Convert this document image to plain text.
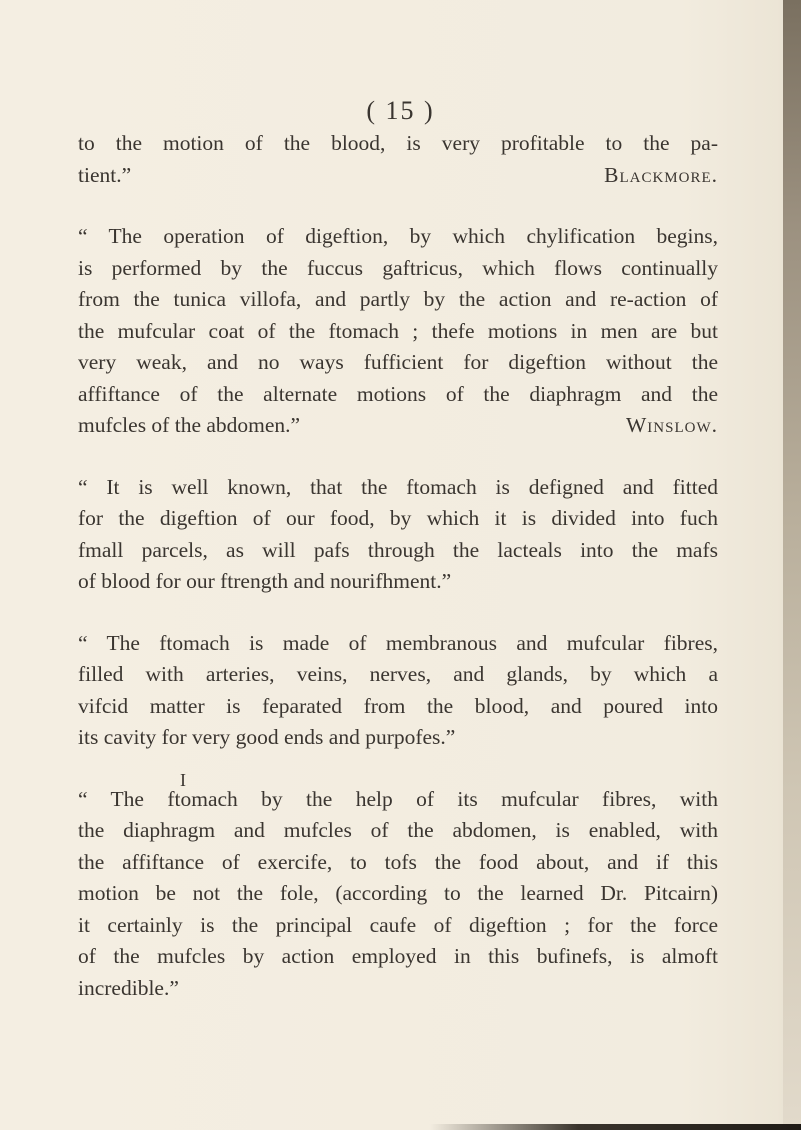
( 15 )
to the motion of the blood, is very profitable to the pa-
tient.”	Blackmore.
“ The operation of digeftion, by which chylification begins,
is performed by the fuccus gaftricus, which flows continually
from the tunica villofa, and partly by the action and re-action of
the mufcular coat of the ftomach ; thefe motions in men are but
very weak, and no ways fufficient for digeftion without the
affiftance of the alternate motions of the diaphragm and the
mufcles of the abdomen.”	Winslow.
“ It is well known, that the ftomach is defigned and fitted
for the digeftion of our food, by which it is divided into fuch
fmall parcels, as will pafs through the lacteals into the mafs
of blood for our ftrength and nourifhment.”
“ The ftomach is made of membranous and mufcular fibres,
filled with arteries, veins, nerves, and glands, by which a
vifcid matter is feparated from the blood, and poured into
its cavity for very good ends and purpofes.”
“ The ftomach by the help of its mufcular fibres, with
the diaphragm and mufcles of the abdomen, is enabled, with
the affiftance of exercife, to tofs the food about, and if this
motion be not the fole, (according to the learned Dr. Pitcairn)
it certainly is the principal caufe of digeftion ; for the force
of the mufcles by action employed in this bufinefs, is almoft
incredible.”
I
